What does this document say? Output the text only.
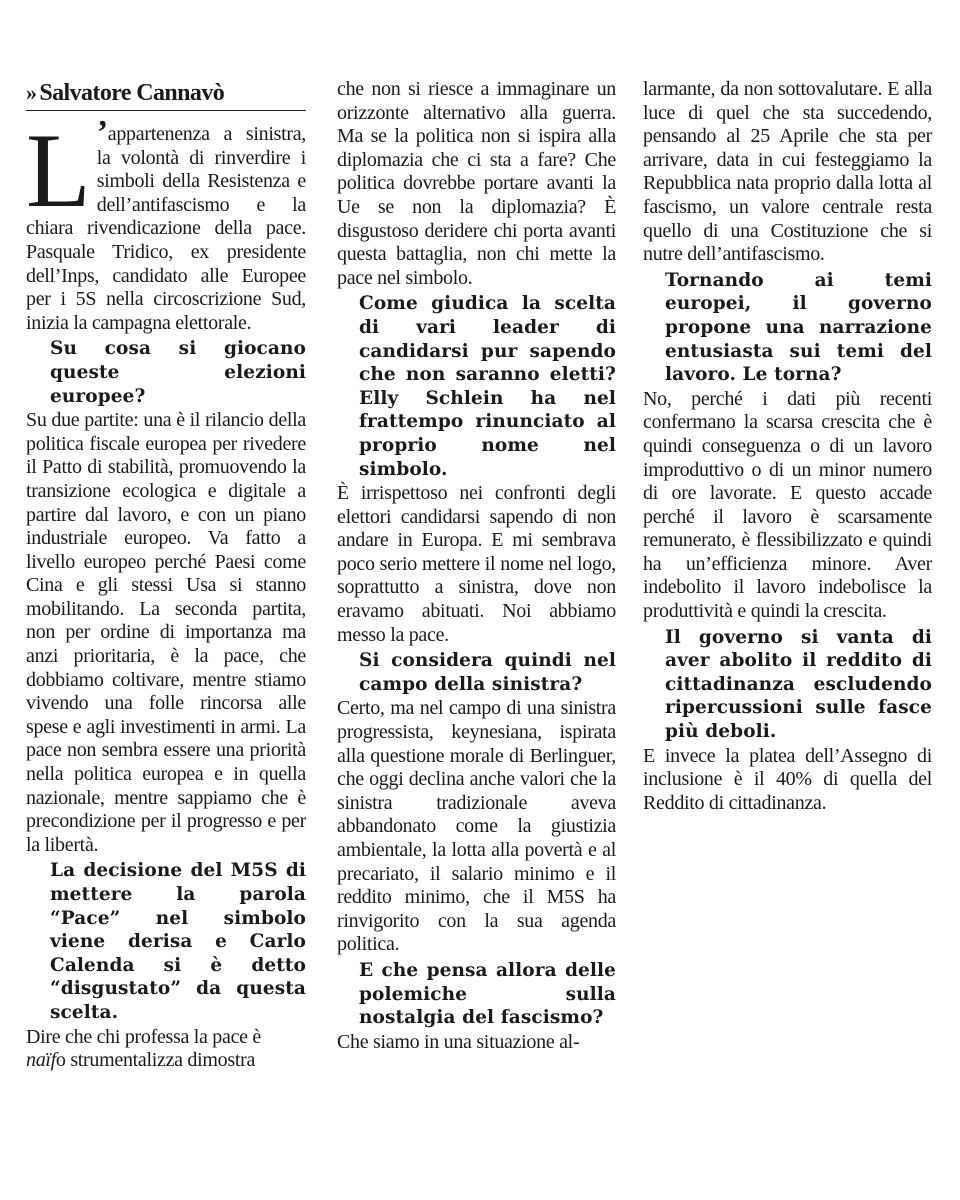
» Salvatore Cannavò
L ’appartenenza a sinistra, la volontà di rinverdire i simboli della Resistenza e dell’antifascismo e la chiara rivendicazione della pace. Pasquale Tridico, ex presidente dell’Inps, candidato alle Europee per i 5S nella circoscrizione Sud, inizia la campagna elettorale.

Su cosa si giocano queste elezioni europee?

Su due partite: una è il rilancio della politica fiscale europea per rivedere il Patto di stabilità, promuovendo la transizione ecologica e digitale a partire dal lavoro, e con un piano industriale europeo. Va fatto a livello europeo perché Paesi come Cina e gli stessi Usa si stanno mobilitando. La seconda partita, non per ordine di importanza ma anzi prioritaria, è la pace, che dobbiamo coltivare, mentre stiamo vivendo una folle rincorsa alle spese e agli investimenti in armi. La pace non sembra essere una priorità nella politica europea e in quella nazionale, mentre sappiamo che è precondizione per il progresso e per la libertà.

La decisione del M5S di mettere la parola “Pace” nel simbolo viene derisa e Carlo Calenda si è detto “disgustato” da questa scelta.

Dire che chi professa la pace è
naïfo strumentalizza dimostra

che non si riesce a immaginare un orizzonte alternativo alla guerra. Ma se la politica non si ispira alla diplomazia che ci sta a fare? Che politica dovrebbe portare avanti la Ue se non la diplomazia? È disgustoso deridere chi porta avanti questa battaglia, non chi mette la pace nel simbolo.

Come giudica la scelta di vari leader di candidarsi pur sapendo che non saranno eletti? Elly Schlein ha nel frattempo rinunciato al proprio nome nel simbolo.

È irrispettoso nei confronti degli elettori candidarsi sapendo di non andare in Europa. E mi sembrava poco serio mettere il nome nel logo, soprattutto a sinistra, dove non eravamo abituati. Noi abbiamo messo la pace.

Si considera quindi nel campo della sinistra?

Certo, ma nel campo di una sinistra progressista, keynesiana, ispirata alla questione morale di Berlinguer, che oggi declina anche valori che la sinistra tradizionale aveva abbandonato come la giustizia ambientale, la lotta alla povertà e al precariato, il salario minimo e il reddito minimo, che il M5S ha rinvigorito con la sua agenda politica.

E che pensa allora delle polemiche sulla nostalgia del fascismo?

Che siamo in una situazione al-

larmante, da non sottovalutare. E alla luce di quel che sta succedendo, pensando al 25 Aprile che sta per arrivare, data in cui festeggiamo la Repubblica nata proprio dalla lotta al fascismo, un valore centrale resta quello di una Costituzione che si nutre dell’antifascismo.

Tornando ai temi europei, il governo propone una narrazione entusiasta sui temi del lavoro. Le torna?

No, perché i dati più recenti confermano la scarsa crescita che è quindi conseguenza o di un lavoro improduttivo o di un minor numero di ore lavorate. E questo accade perché il lavoro è scarsamente remunerato, è flessibilizzato e quindi ha un’efficienza minore. Aver indebolito il lavoro indebolisce la produttività e quindi la crescita.

Il governo si vanta di aver abolito il reddito di cittadinanza escludendo ripercussioni sulle fasce più deboli.

E invece la platea dell’Assegno di inclusione è il 40% di quella del Reddito di cittadinanza.
